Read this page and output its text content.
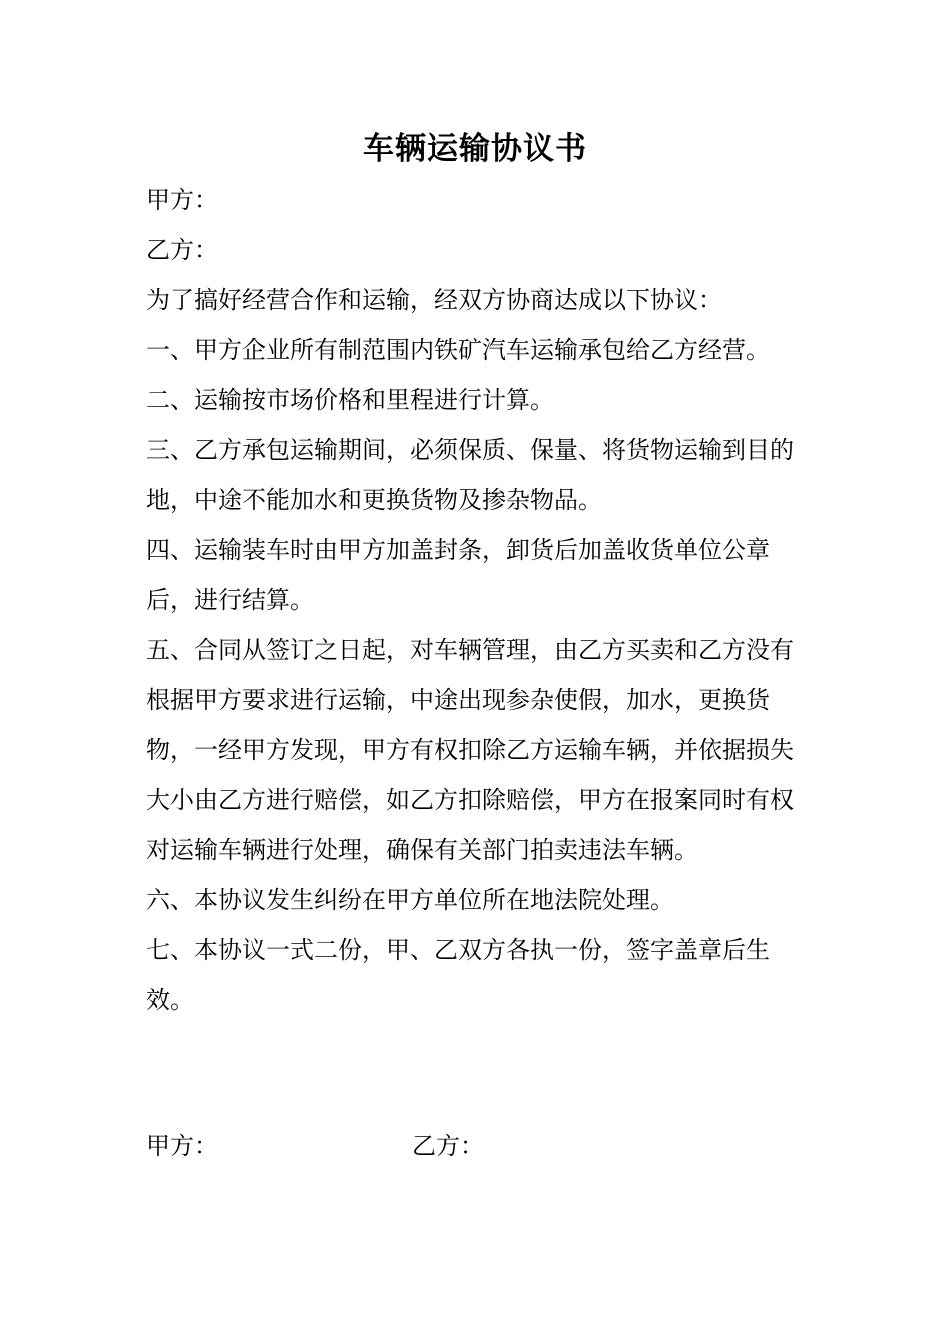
车辆运输协议书

甲方：

乙方：

为了搞好经营合作和运输，经双方协商达成以下协议：

一、甲方企业所有制范围内铁矿汽车运输承包给乙方经营。

二、运输按市场价格和里程进行计算。

三、乙方承包运输期间，必须保质、保量、将货物运输到目的地，中途不能加水和更换货物及掺杂物品。

四、运输装车时由甲方加盖封条，卸货后加盖收货单位公章后，进行结算。

五、合同从签订之日起，对车辆管理，由乙方买卖和乙方没有根据甲方要求进行运输，中途出现参杂使假，加水，更换货物，一经甲方发现，甲方有权扣除乙方运输车辆，并依据损失大小由乙方进行赔偿，如乙方扣除赔偿，甲方在报案同时有权对运输车辆进行处理，确保有关部门拍卖违法车辆。

六、本协议发生纠纷在甲方单位所在地法院处理。

七、本协议一式二份，甲、乙双方各执一份，签字盖章后生效。

甲方：	乙方：
